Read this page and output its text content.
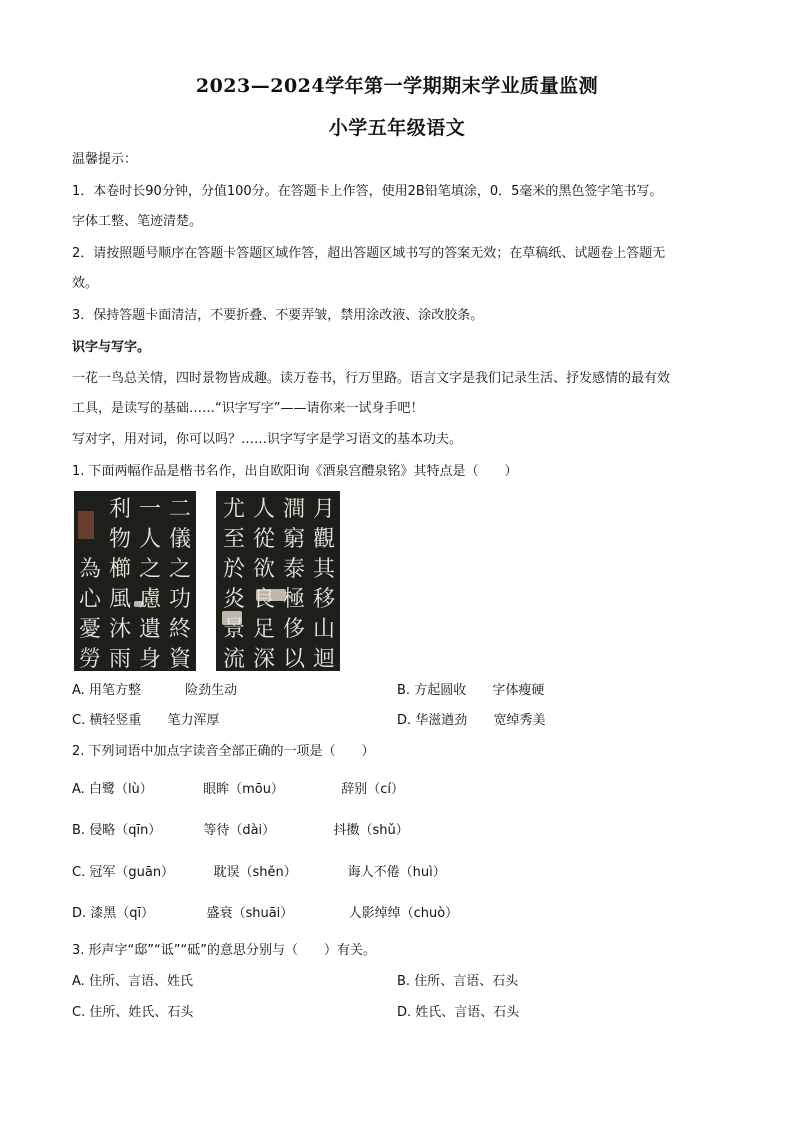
2023—2024学年第一学期期末学业质量监测
小学五年级语文
温馨提示：
1．本卷时长90分钟，分值100分。在答题卡上作答，使用2B铅笔填涂，0．5毫米的黑色签字笔书写。
字体工整、笔迹清楚。
2．请按照题号顺序在答题卡答题区域作答，超出答题区域书写的答案无效；在草稿纸、试题卷上答题无
效。
3．保持答题卡面清洁，不要折叠、不要弄皱，禁用涂改液、涂改胶条。
识字与写字。
一花一鸟总关情，四时景物皆成趣。读万卷书，行万里路。语言文字是我们记录生活、抒发感情的最有效
工具，是读写的基础……“识字写字”——请你来一试身手吧！
写对字，用对词，你可以吗？……识字写字是学习语文的基本功夫。
1. 下面两幅作品是楷书名作，出自欧阳询《酒泉宫醴泉铭》其特点是（　　）
二
儀
之
功
終
資
一
人
之
慮
遺
身
利
物
櫛
風
沐
雨
為
心
憂
勞
月
觀
其
移
山
迴
澗
窮
泰
極
侈
以
人
從
欲
良
足
深
尤
至
於
炎
景
流
A. 用笔方整	险劲生动	B. 方起圆收 字体瘦硬
C. 横轻竖重 笔力浑厚	D. 华滋遒劲 宽绰秀美
2. 下列词语中加点字读音全部正确的一项是（　　）
A. 白鹭（lù）	眼眸（mōu）	辞别（cí）
B. 侵略（qīn）	等待（dài）	抖擞（shǔ）
C. 冠军（guān）	耽误（shěn）	诲人不倦（huì）
D. 漆黑（qī）	盛衰（shuāi）	人影绰绰（chuò）
3. 形声字“邸”“诋”“砥”的意思分别与（　　）有关。
A. 住所、言语、姓氏	B. 住所、言语、石头
C. 住所、姓氏、石头	D. 姓氏、言语、石头
